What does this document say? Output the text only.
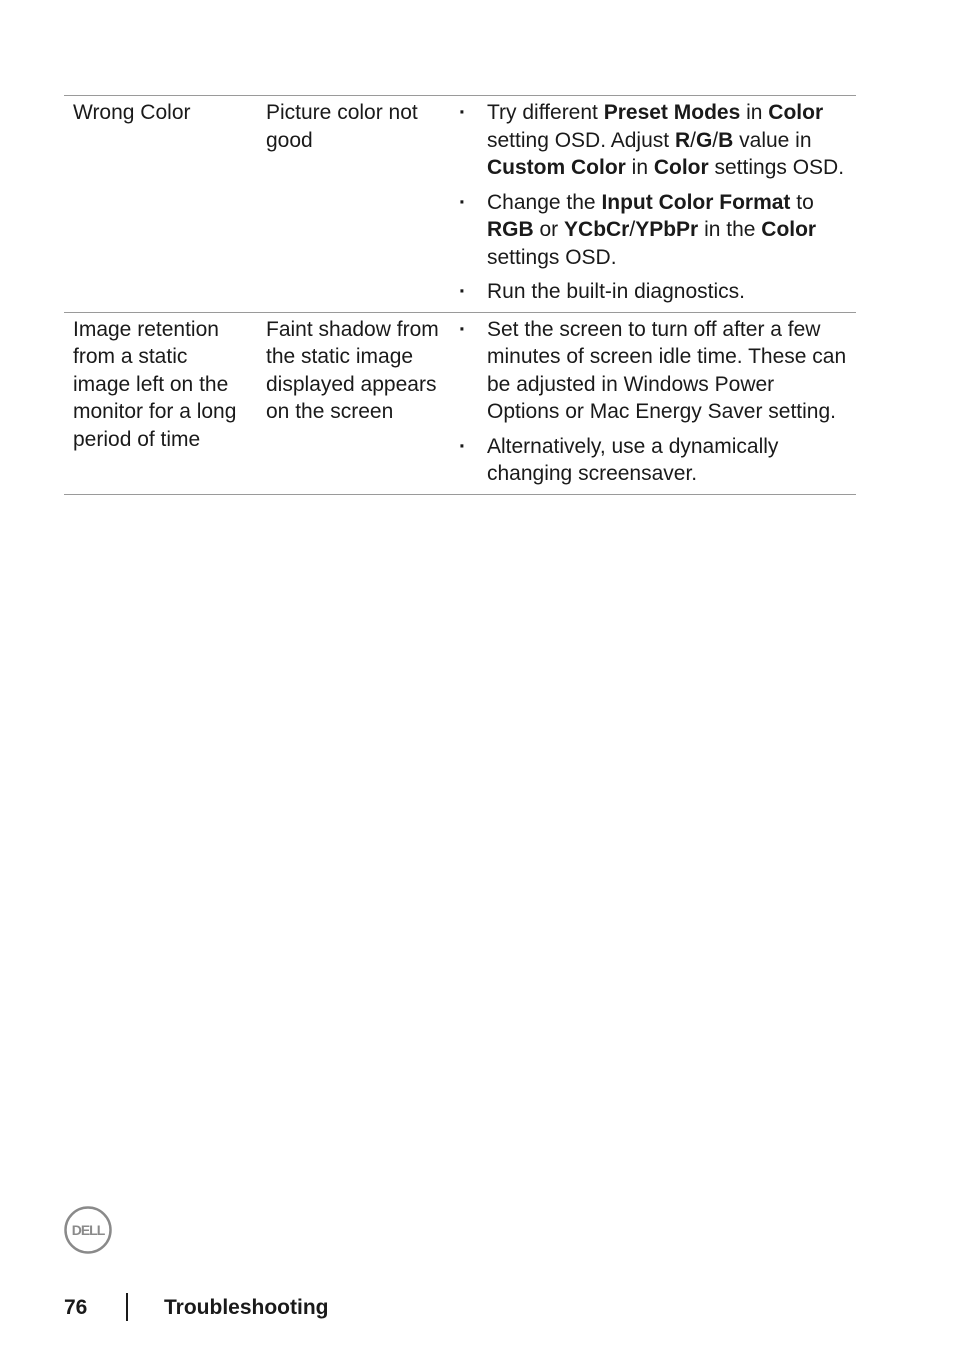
Wrong Color	Picture color not good
· Try different Preset Modes in Color setting OSD. Adjust R/G/B value in Custom Color in Color settings OSD.
· Change the Input Color Format to RGB or YCbCr/YPbPr in the Color settings OSD.
· Run the built-in diagnostics.
Image retention from a static image left on the monitor for a long period of time
Faint shadow from the static image displayed appears on the screen
· Set the screen to turn off after a few minutes of screen idle time. These can be adjusted in Windows Power Options or Mac Energy Saver setting.
· Alternatively, use a dynamically changing screensaver.
DELL
76	Troubleshooting
